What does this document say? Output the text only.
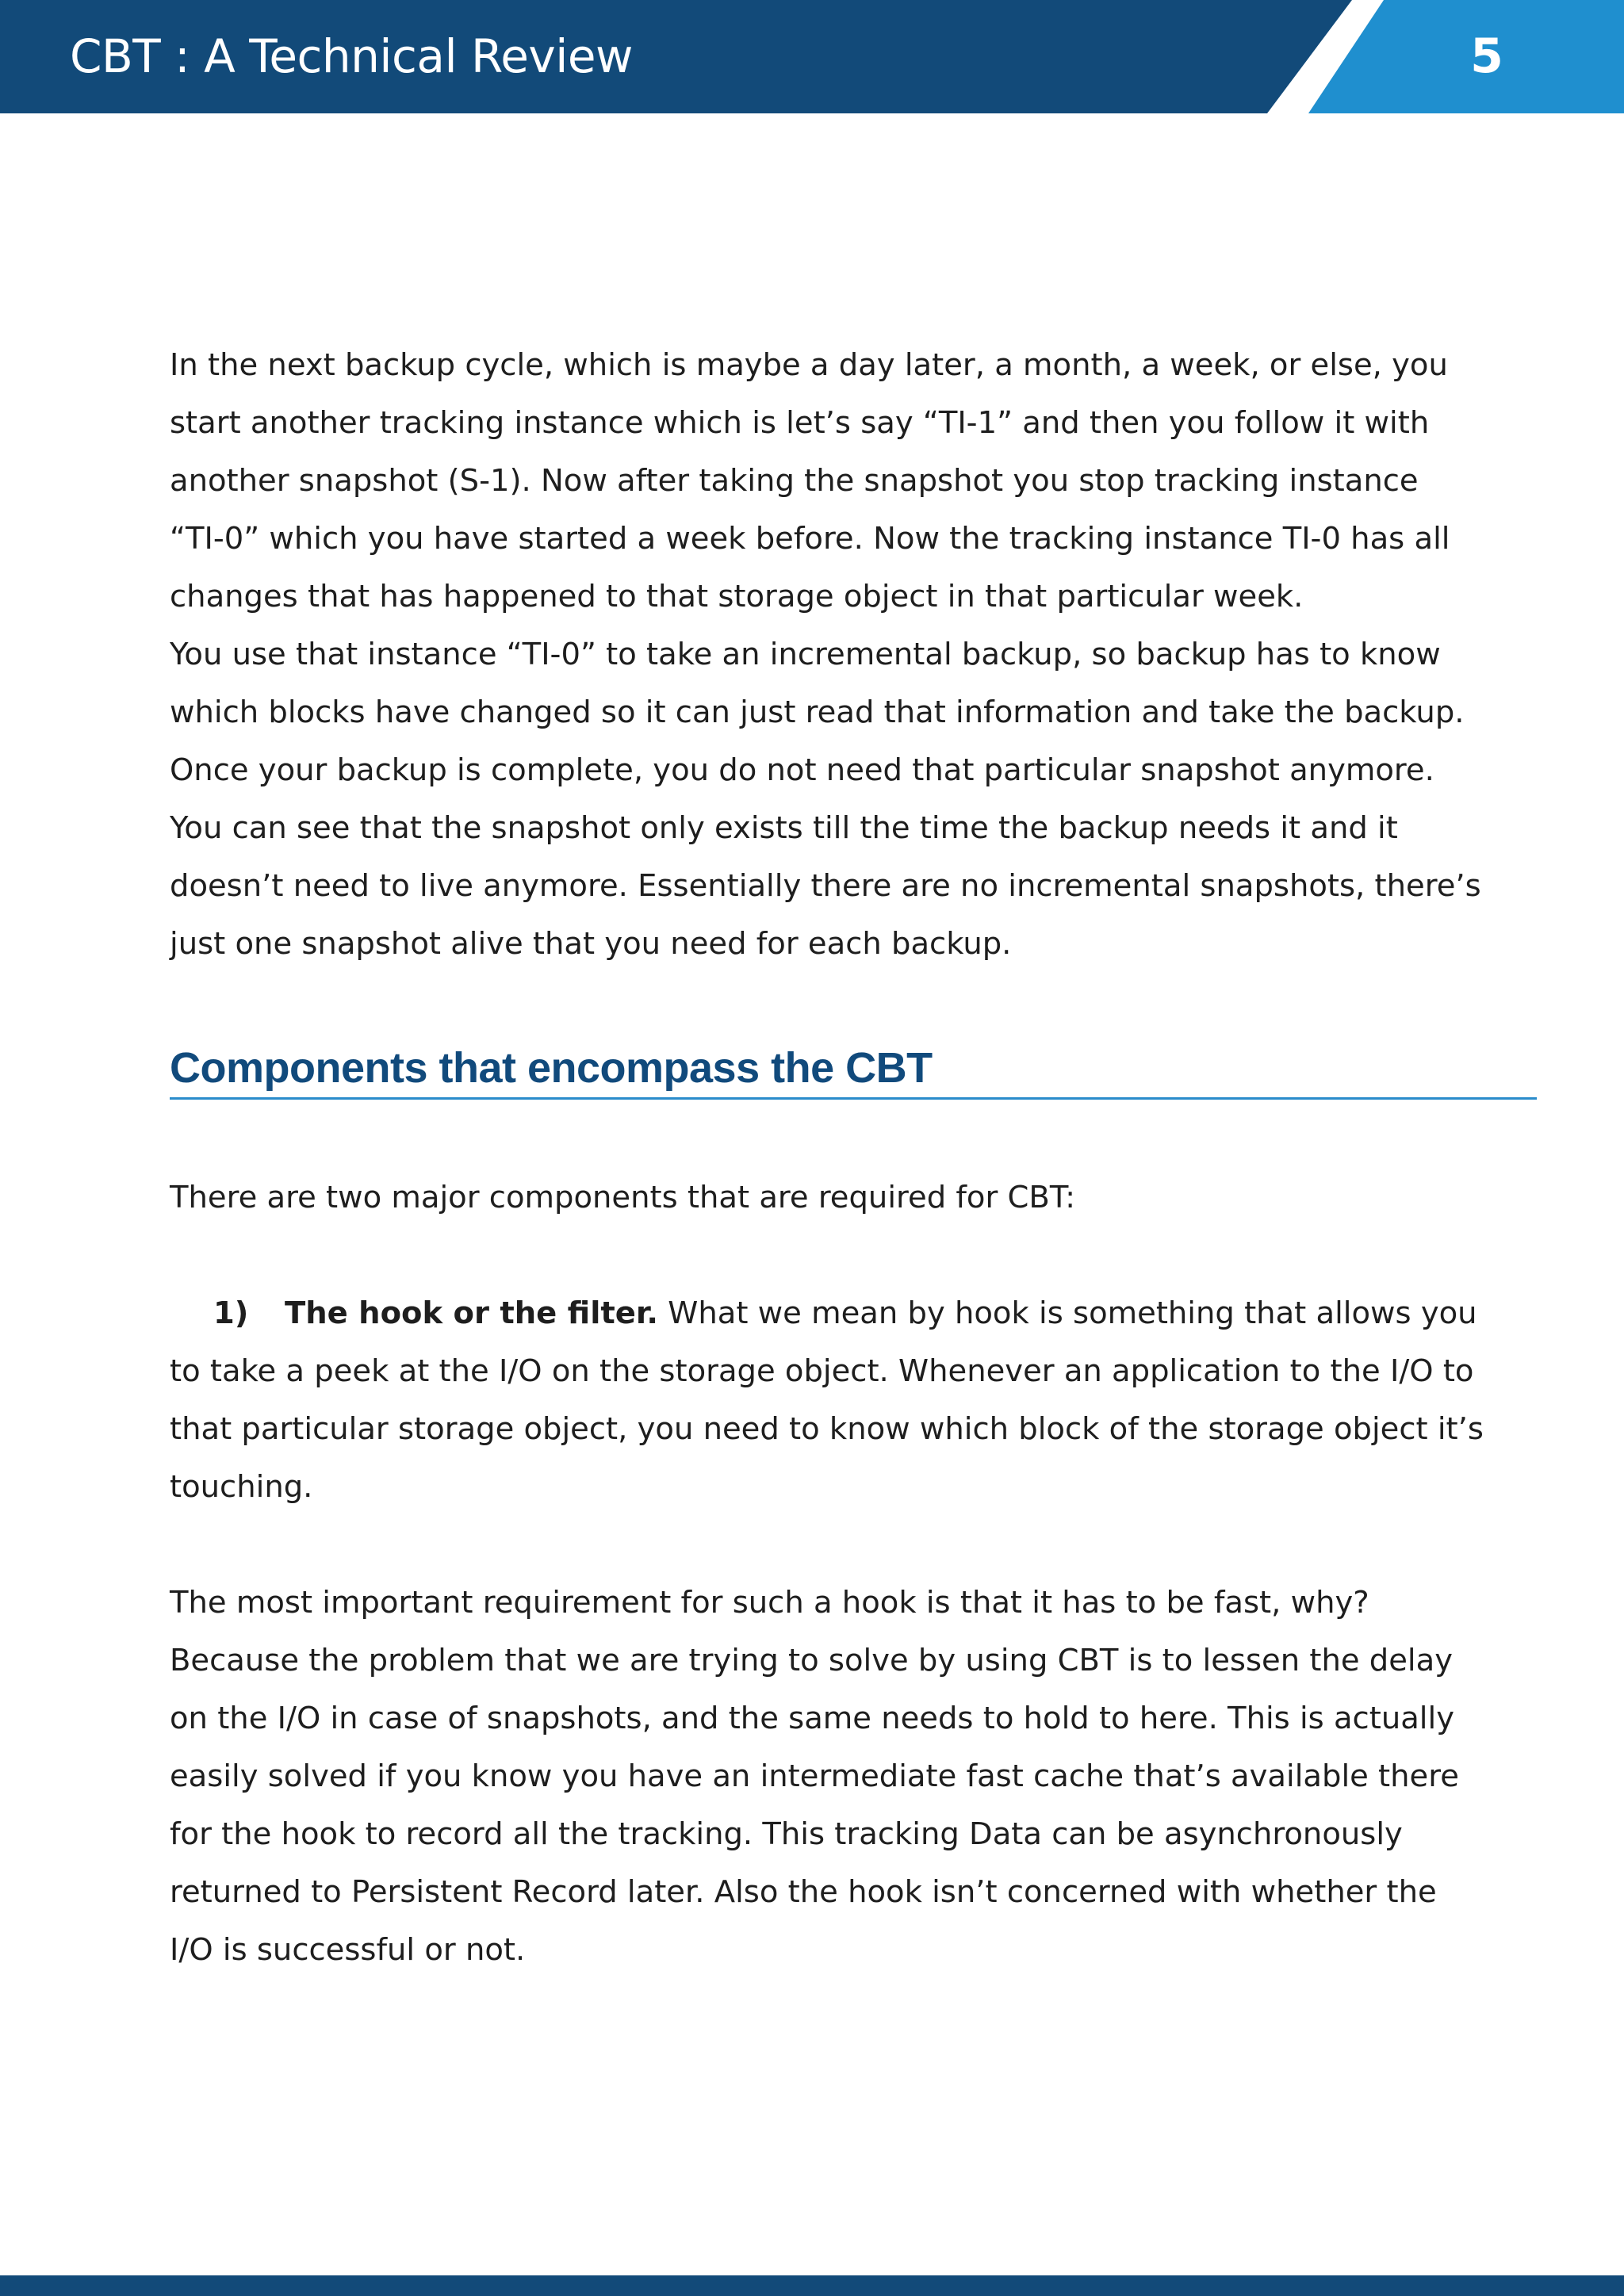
CBT : A Technical Review	5

In the next backup cycle, which is maybe a day later, a month, a week, or else, you
start another tracking instance which is let’s say “TI-1” and then you follow it with
another snapshot (S-1). Now after taking the snapshot you stop tracking instance
“TI-0” which you have started a week before. Now the tracking instance TI-0 has all
changes that has happened to that storage object in that particular week.
You use that instance “TI-0” to take an incremental backup, so backup has to know
which blocks have changed so it can just read that information and take the backup.
Once your backup is complete, you do not need that particular snapshot anymore.
You can see that the snapshot only exists till the time the backup needs it and it
doesn’t need to live anymore. Essentially there are no incremental snapshots, there’s
just one snapshot alive that you need for each backup.

Components that encompass the CBT
There are two major components that are required for CBT:
1) The hook or the filter. What we mean by hook is something that allows you
to take a peek at the I/O on the storage object. Whenever an application to the I/O to
that particular storage object, you need to know which block of the storage object it’s
touching.
The most important requirement for such a hook is that it has to be fast, why?
Because the problem that we are trying to solve by using CBT is to lessen the delay
on the I/O in case of snapshots, and the same needs to hold to here. This is actually
easily solved if you know you have an intermediate fast cache that’s available there
for the hook to record all the tracking. This tracking Data can be asynchronously
returned to Persistent Record later. Also the hook isn’t concerned with whether the
I/O is successful or not.
